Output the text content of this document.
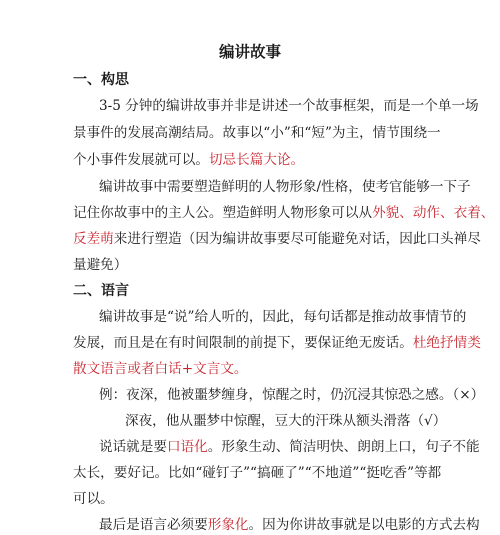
编讲故事
一、构思
3-5 分钟的编讲故事并非是讲述一个故事框架，而是一个单一场
景事件的发展高潮结局。故事以“小”和“短”为主，情节围绕一
个小事件发展就可以。切忌长篇大论。
编讲故事中需要塑造鲜明的人物形象/性格，使考官能够一下子
记住你故事中的主人公。塑造鲜明人物形象可以从外貌、动作、衣着、
反差萌来进行塑造（因为编讲故事要尽可能避免对话，因此口头禅尽
量避免）
二、语言
编讲故事是“说”给人听的，因此，每句话都是推动故事情节的
发展，而且是在有时间限制的前提下，要保证绝无废话。杜绝抒情类
散文语言或者白话+文言文。
例：夜深，他被噩梦缠身，惊醒之时，仍沉浸其惊恐之感。（×）
深夜，他从噩梦中惊醒，豆大的汗珠从额头滑落（√）
说话就是要口语化。形象生动、简洁明快、朗朗上口，句子不能
太长，要好记。比如“碰钉子”“搞砸了”“不地道”“挺吃香”等都
可以。
最后是语言必须要形象化。因为你讲故事就是以电影的方式去构
